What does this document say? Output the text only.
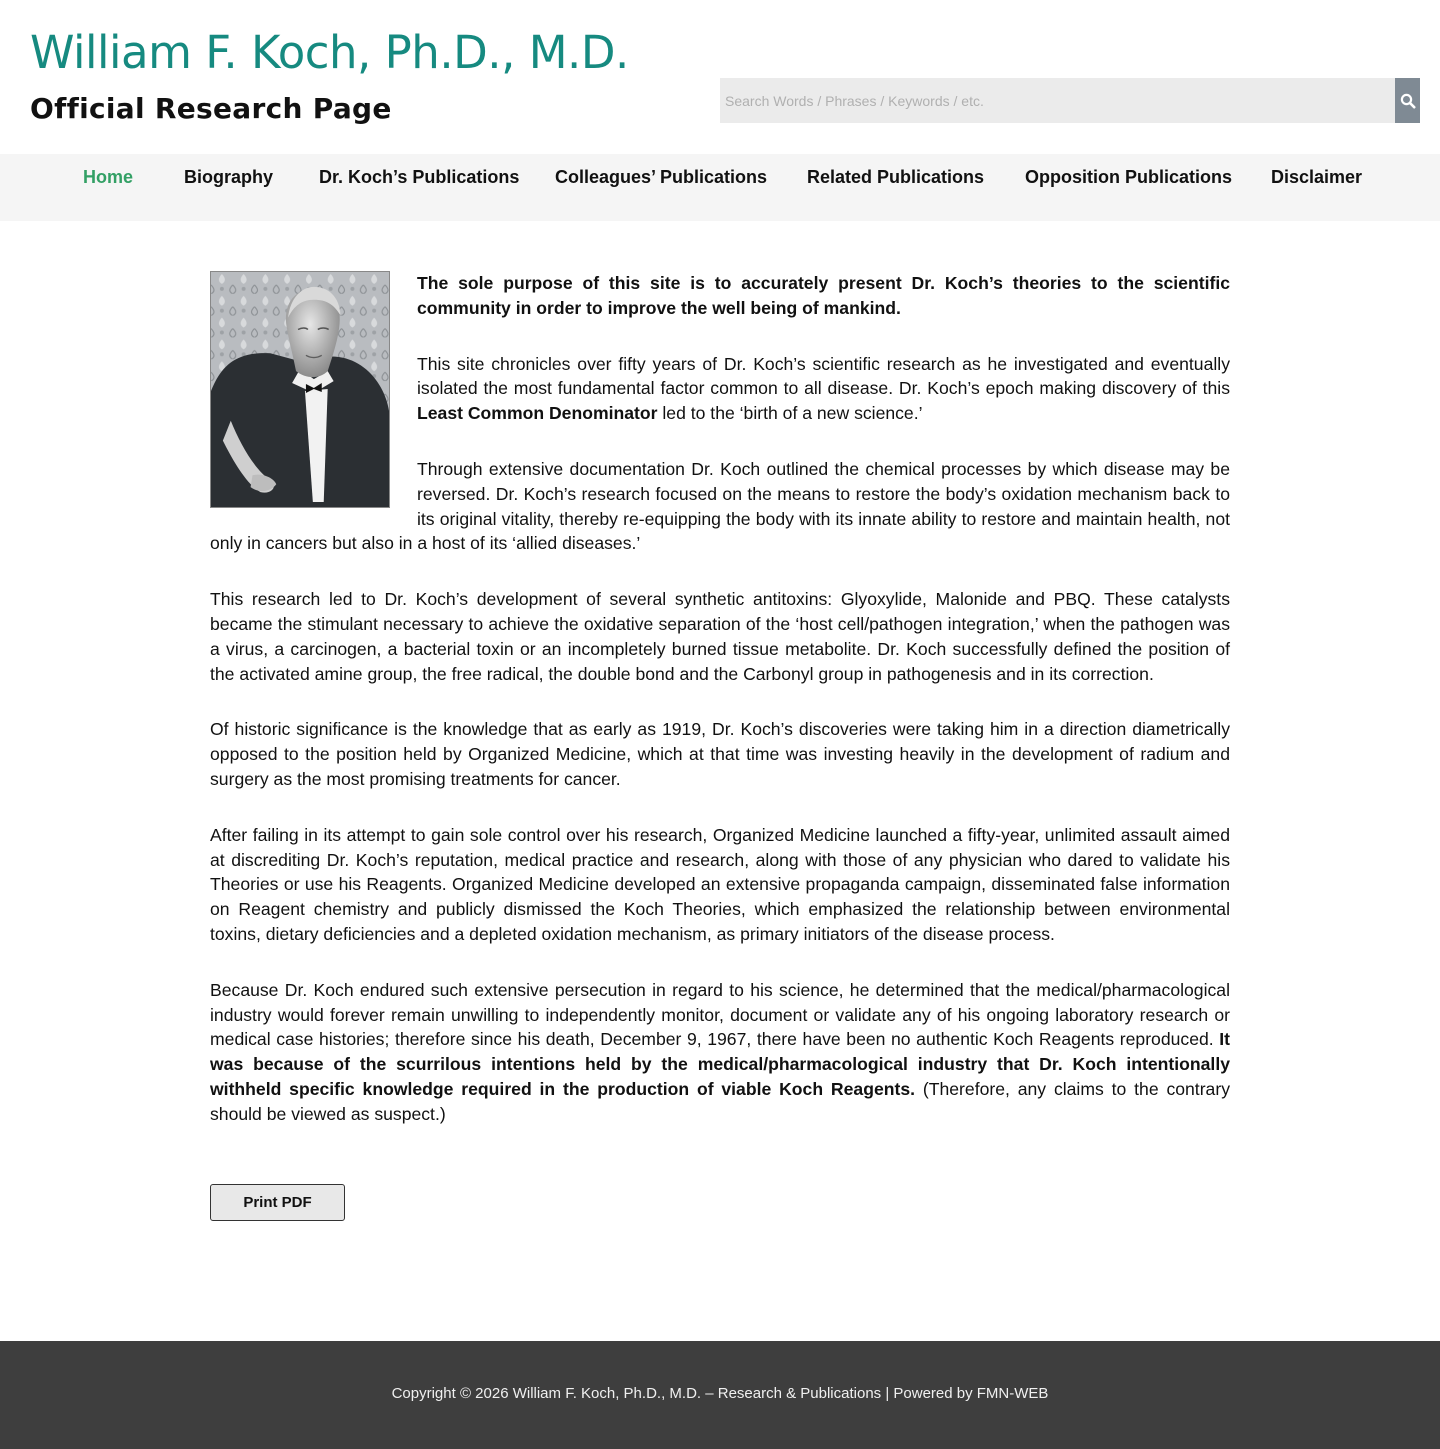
William F. Koch, Ph.D., M.D.
Official Research Page
Search Words / Phrases / Keywords / etc.
Home	Biography	Dr. Koch’s Publications Colleagues’ Publications Related Publications Opposition Publications Disclaimer

The sole purpose of this site is to accurately present Dr. Koch’s theories to the scientific community in order to improve the well being of mankind.

This site chronicles over fifty years of Dr. Koch’s scientific research as he investigated and eventually isolated the most fundamental factor common to all disease. Dr. Koch’s epoch making discovery of this Least Common Denominator led to the ‘birth of a new science.’

Through extensive documentation Dr. Koch outlined the chemical processes by which disease may be reversed. Dr. Koch’s research focused on the means to restore the body’s oxidation mechanism back to its original vitality, thereby re-equipping the body with its innate ability to restore and maintain health, not only in cancers but also in a host of its ‘allied diseases.’

This research led to Dr. Koch’s development of several synthetic antitoxins: Glyoxylide, Malonide and PBQ. These catalysts became the stimulant necessary to achieve the oxidative separation of the ‘host cell/pathogen integration,’ when the pathogen was a virus, a carcinogen, a bacterial toxin or an incompletely burned tissue metabolite. Dr. Koch successfully defined the position of the activated amine group, the free radical, the double bond and the Carbonyl group in pathogenesis and in its correction.

Of historic significance is the knowledge that as early as 1919, Dr. Koch’s discoveries were taking him in a direction diametrically opposed to the position held by Organized Medicine, which at that time was investing heavily in the development of radium and surgery as the most promising treatments for cancer.

After failing in its attempt to gain sole control over his research, Organized Medicine launched a fifty-year, unlimited assault aimed at discrediting Dr. Koch’s reputation, medical practice and research, along with those of any physician who dared to validate his Theories or use his Reagents. Organized Medicine developed an extensive propaganda campaign, disseminated false information on Reagent chemistry and publicly dismissed the Koch Theories, which emphasized the relationship between environmental toxins, dietary deficiencies and a depleted oxidation mechanism, as primary initiators of the disease process.

Because Dr. Koch endured such extensive persecution in regard to his science, he determined that the medical/pharmacological industry would forever remain unwilling to independently monitor, document or validate any of his ongoing laboratory research or medical case histories; therefore since his death, December 9, 1967, there have been no authentic Koch Reagents reproduced. It was because of the scurrilous intentions held by the medical/pharmacological industry that Dr. Koch intentionally withheld specific knowledge required in the production of viable Koch Reagents. (Therefore, any claims to the contrary should be viewed as suspect.)

Print PDF
Copyright © 2026 William F. Koch, Ph.D., M.D. – Research & Publications | Powered by FMN-WEB
